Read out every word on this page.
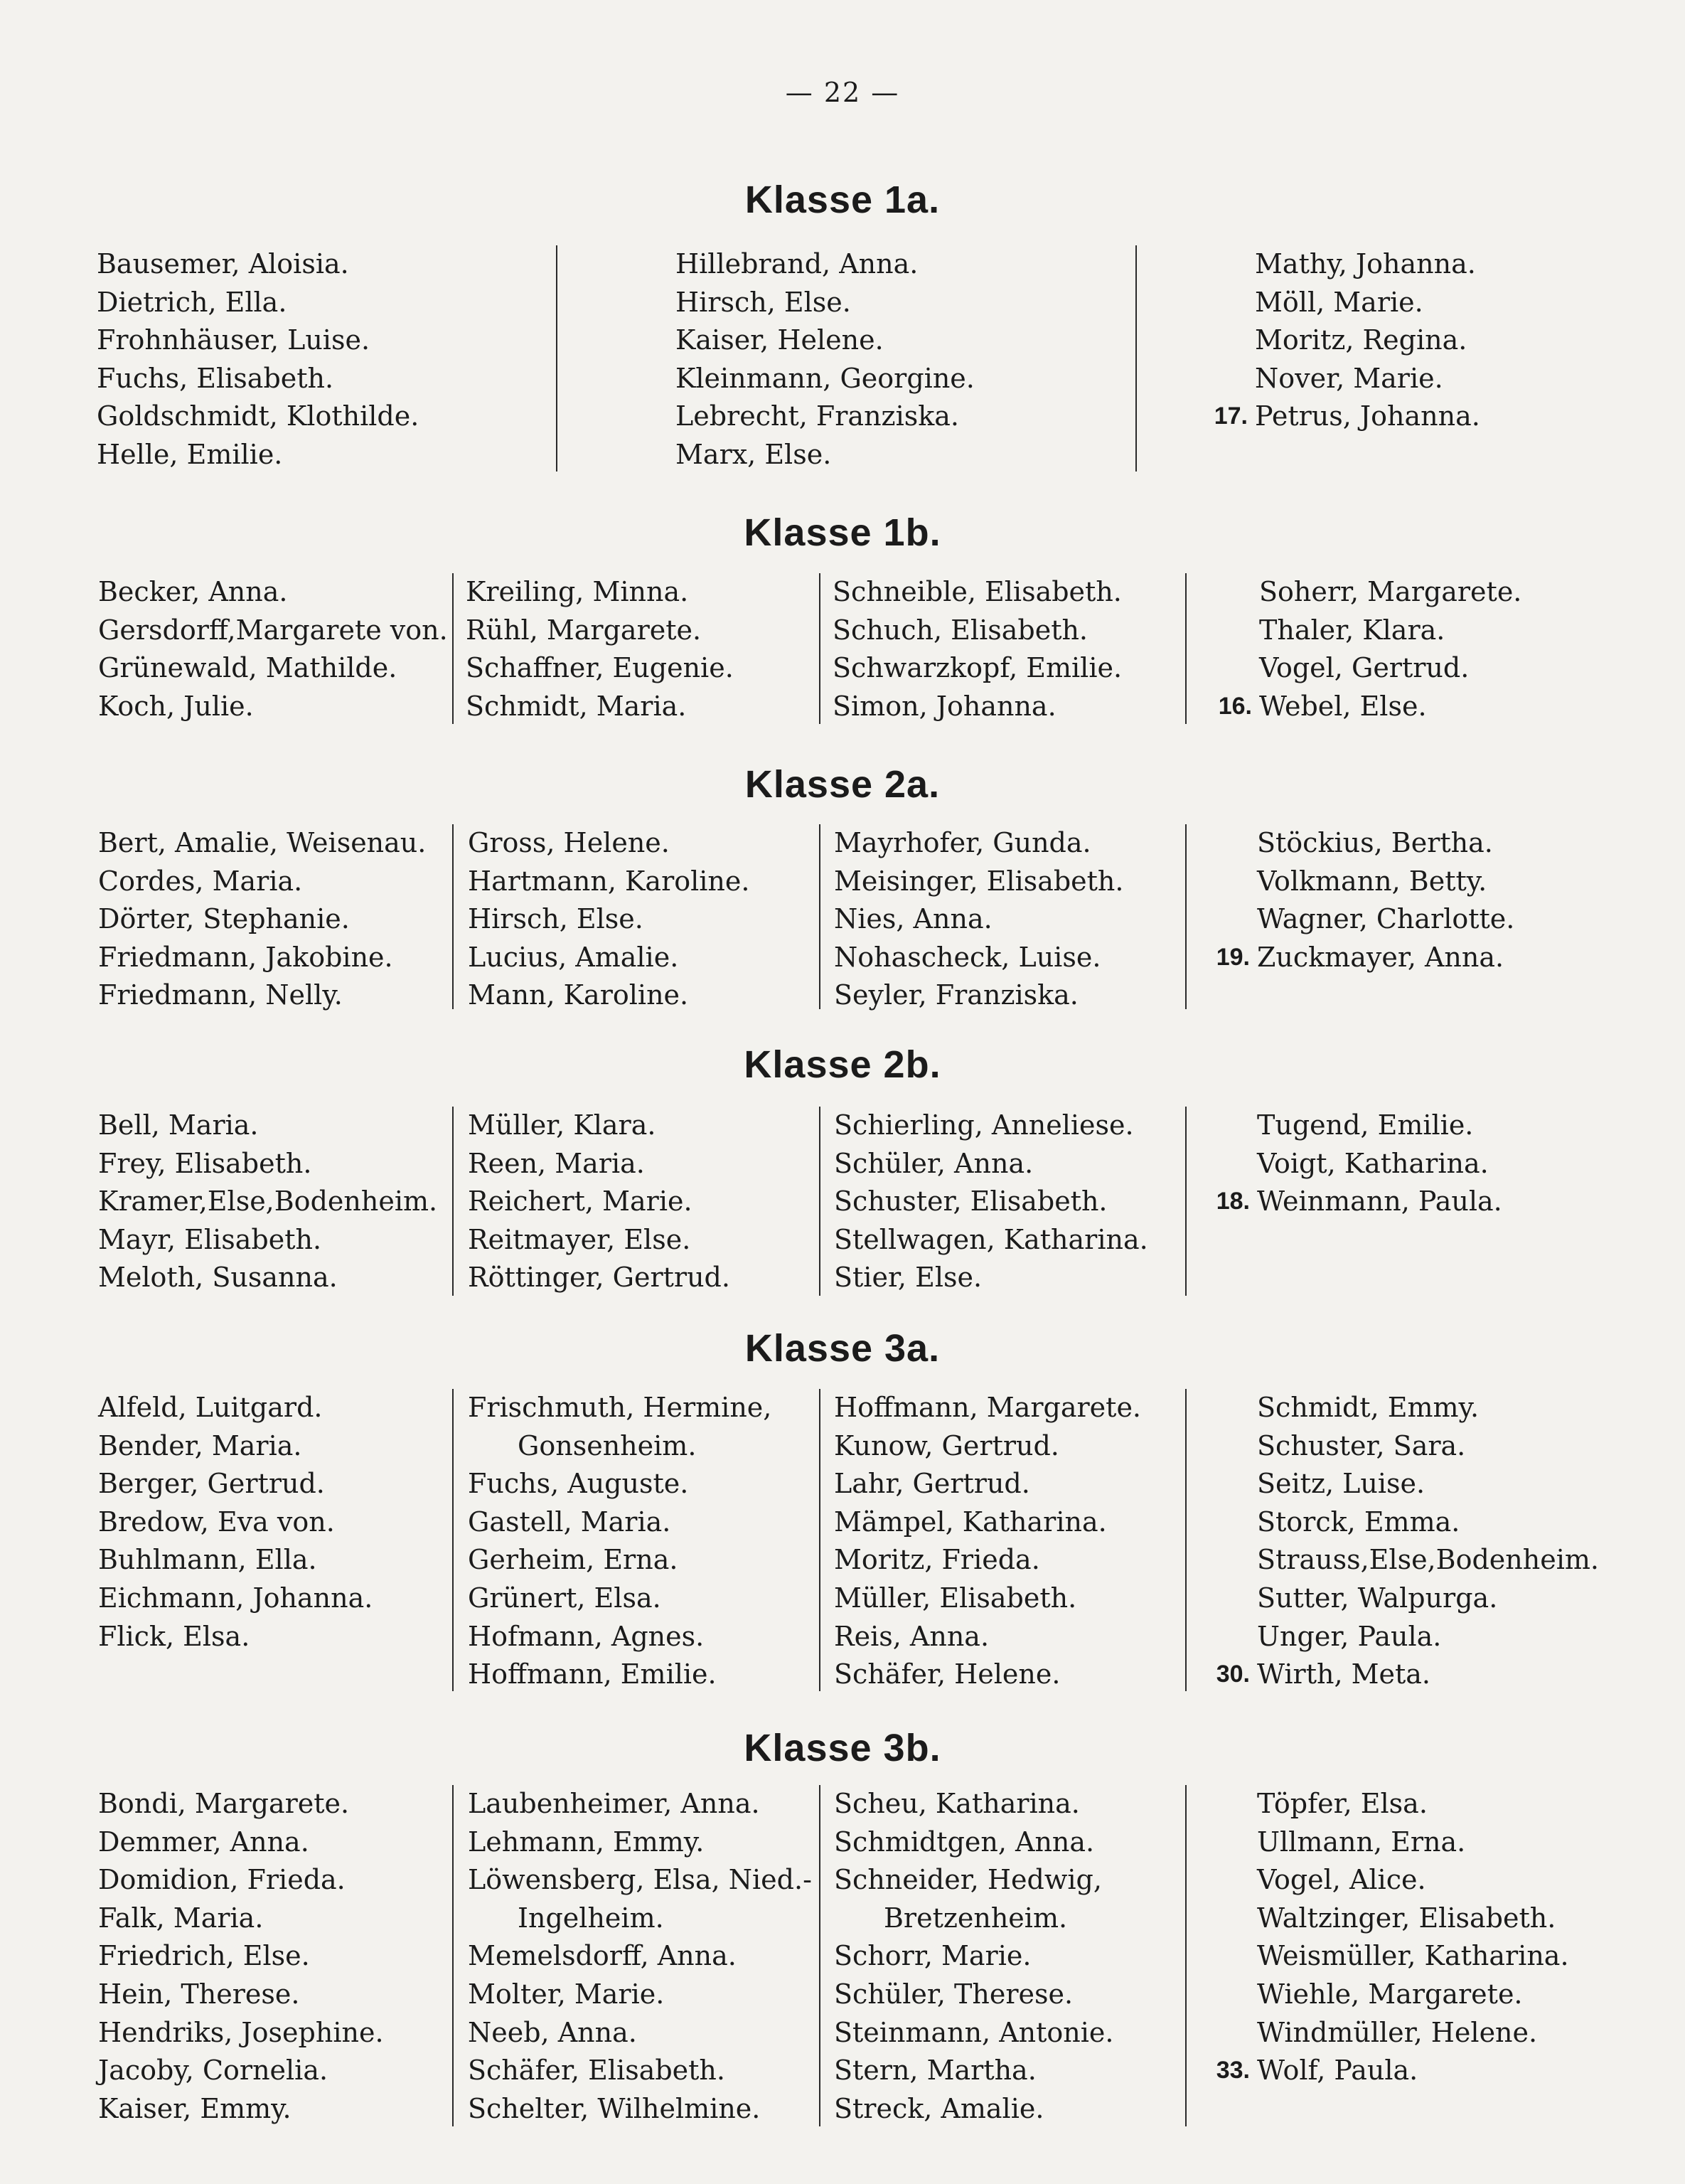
— 22 —
Klasse 1a.
Bausemer, Aloisia.
Dietrich, Ella.
Frohnhäuser, Luise.
Fuchs, Elisabeth.
Goldschmidt, Klothilde.
Helle, Emilie.
Hillebrand, Anna.
Hirsch, Else.
Kaiser, Helene.
Kleinmann, Georgine.
Lebrecht, Franziska.
Marx, Else.
Mathy, Johanna.
Möll, Marie.
Moritz, Regina.
Nover, Marie.
17. Petrus, Johanna.
Klasse 1b.
Becker, Anna.
Gersdorff,Margarete von.
Grünewald, Mathilde.
Koch, Julie.
Kreiling, Minna.
Rühl, Margarete.
Schaffner, Eugenie.
Schmidt, Maria.
Schneible, Elisabeth.
Schuch, Elisabeth.
Schwarzkopf, Emilie.
Simon, Johanna.
Soherr, Margarete.
Thaler, Klara.
Vogel, Gertrud.
16. Webel, Else.
Klasse 2a.
Bert, Amalie, Weisenau.
Cordes, Maria.
Dörter, Stephanie.
Friedmann, Jakobine.
Friedmann, Nelly.
Gross, Helene.
Hartmann, Karoline.
Hirsch, Else.
Lucius, Amalie.
Mann, Karoline.
Mayrhofer, Gunda.
Meisinger, Elisabeth.
Nies, Anna.
Nohascheck, Luise.
Seyler, Franziska.
Stöckius, Bertha.
Volkmann, Betty.
Wagner, Charlotte.
19. Zuckmayer, Anna.
Klasse 2b.
Bell, Maria.
Frey, Elisabeth.
Kramer,Else,Bodenheim.
Mayr, Elisabeth.
Meloth, Susanna.
Müller, Klara.
Reen, Maria.
Reichert, Marie.
Reitmayer, Else.
Röttinger, Gertrud.
Schierling, Anneliese.
Schüler, Anna.
Schuster, Elisabeth.
Stellwagen, Katharina.
Stier, Else.
Tugend, Emilie.
Voigt, Katharina.
18. Weinmann, Paula.
Klasse 3a.
Alfeld, Luitgard.
Bender, Maria.
Berger, Gertrud.
Bredow, Eva von.
Buhlmann, Ella.
Eichmann, Johanna.
Flick, Elsa.
Frischmuth, Hermine,
Gonsenheim.
Fuchs, Auguste.
Gastell, Maria.
Gerheim, Erna.
Grünert, Elsa.
Hofmann, Agnes.
Hoffmann, Emilie.
Hoffmann, Margarete.
Kunow, Gertrud.
Lahr, Gertrud.
Mämpel, Katharina.
Moritz, Frieda.
Müller, Elisabeth.
Reis, Anna.
Schäfer, Helene.
Schmidt, Emmy.
Schuster, Sara.
Seitz, Luise.
Storck, Emma.
Strauss,Else,Bodenheim.
Sutter, Walpurga.
Unger, Paula.
30. Wirth, Meta.
Klasse 3b.
Bondi, Margarete.
Demmer, Anna.
Domidion, Frieda.
Falk, Maria.
Friedrich, Else.
Hein, Therese.
Hendriks, Josephine.
Jacoby, Cornelia.
Kaiser, Emmy.
Laubenheimer, Anna.
Lehmann, Emmy.
Löwensberg, Elsa, Nied.-
Ingelheim.
Memelsdorff, Anna.
Molter, Marie.
Neeb, Anna.
Schäfer, Elisabeth.
Schelter, Wilhelmine.
Scheu, Katharina.
Schmidtgen, Anna.
Schneider, Hedwig,
Bretzenheim.
Schorr, Marie.
Schüler, Therese.
Steinmann, Antonie.
Stern, Martha.
Streck, Amalie.
Töpfer, Elsa.
Ullmann, Erna.
Vogel, Alice.
Waltzinger, Elisabeth.
Weismüller, Katharina.
Wiehle, Margarete.
Windmüller, Helene.
33. Wolf, Paula.
